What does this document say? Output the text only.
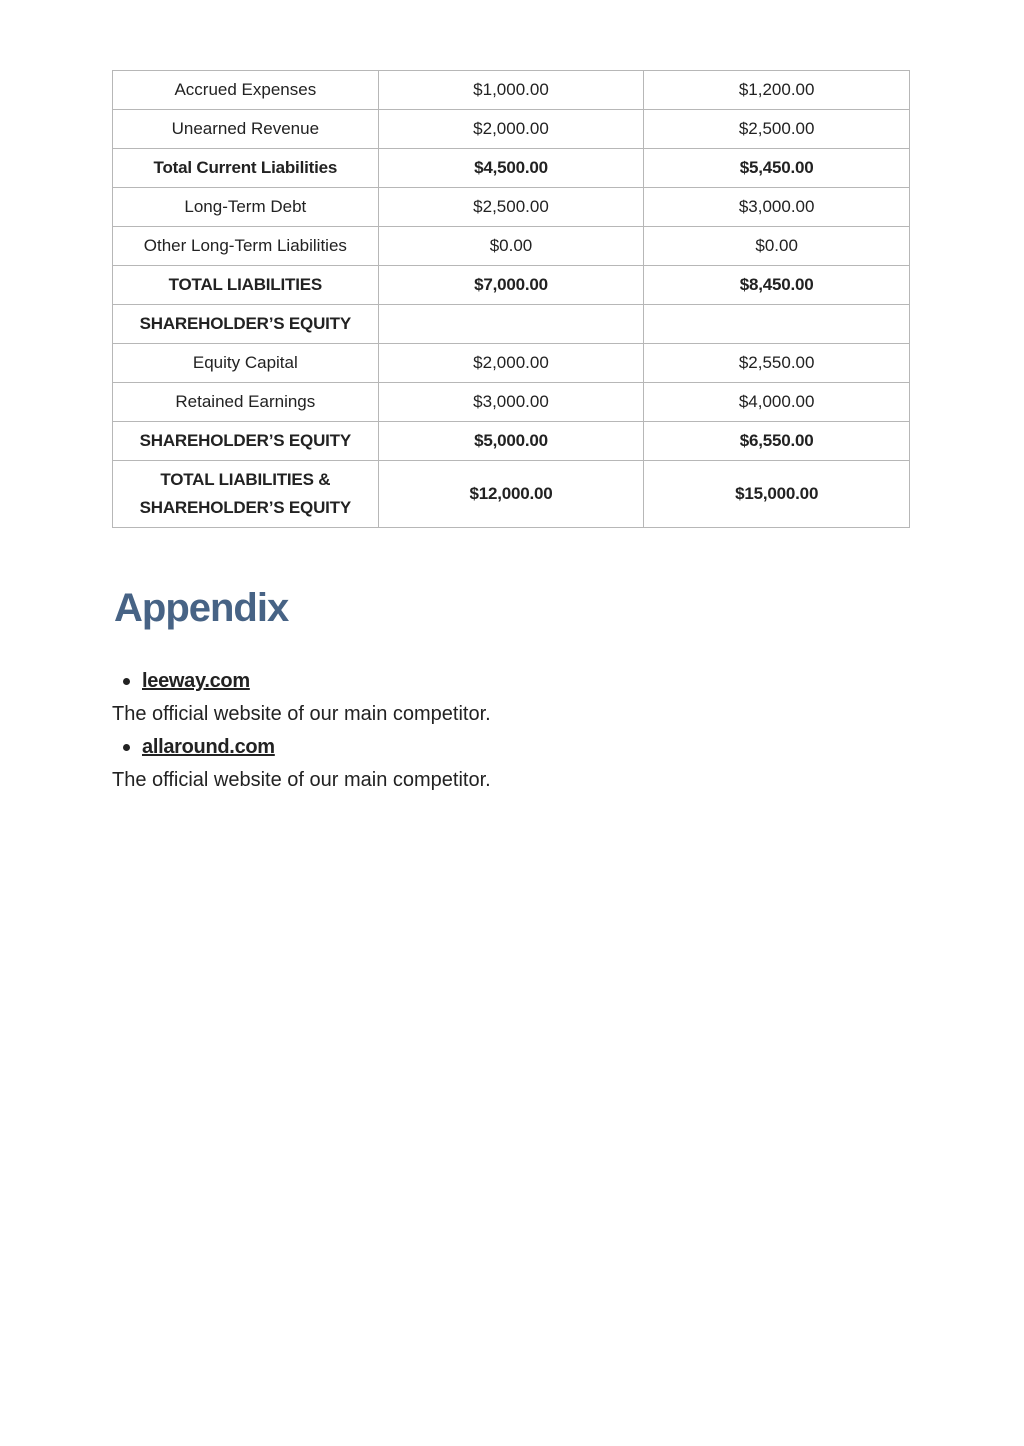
Accrued Expenses	$1,000.00	$1,200.00
Unearned Revenue	$2,000.00	$2,500.00
Total Current Liabilities	$4,500.00	$5,450.00
Long-Term Debt	$2,500.00	$3,000.00
Other Long-Term Liabilities	$0.00	$0.00
TOTAL LIABILITIES	$7,000.00	$8,450.00
SHAREHOLDER’S EQUITY		
Equity Capital	$2,000.00	$2,550.00
Retained Earnings	$3,000.00	$4,000.00
SHAREHOLDER’S EQUITY	$5,000.00	$6,550.00
TOTAL LIABILITIES & SHAREHOLDER’S EQUITY	$12,000.00	$15,000.00
Appendix
leeway.com
The official website of our main competitor.
allaround.com
The official website of our main competitor.
